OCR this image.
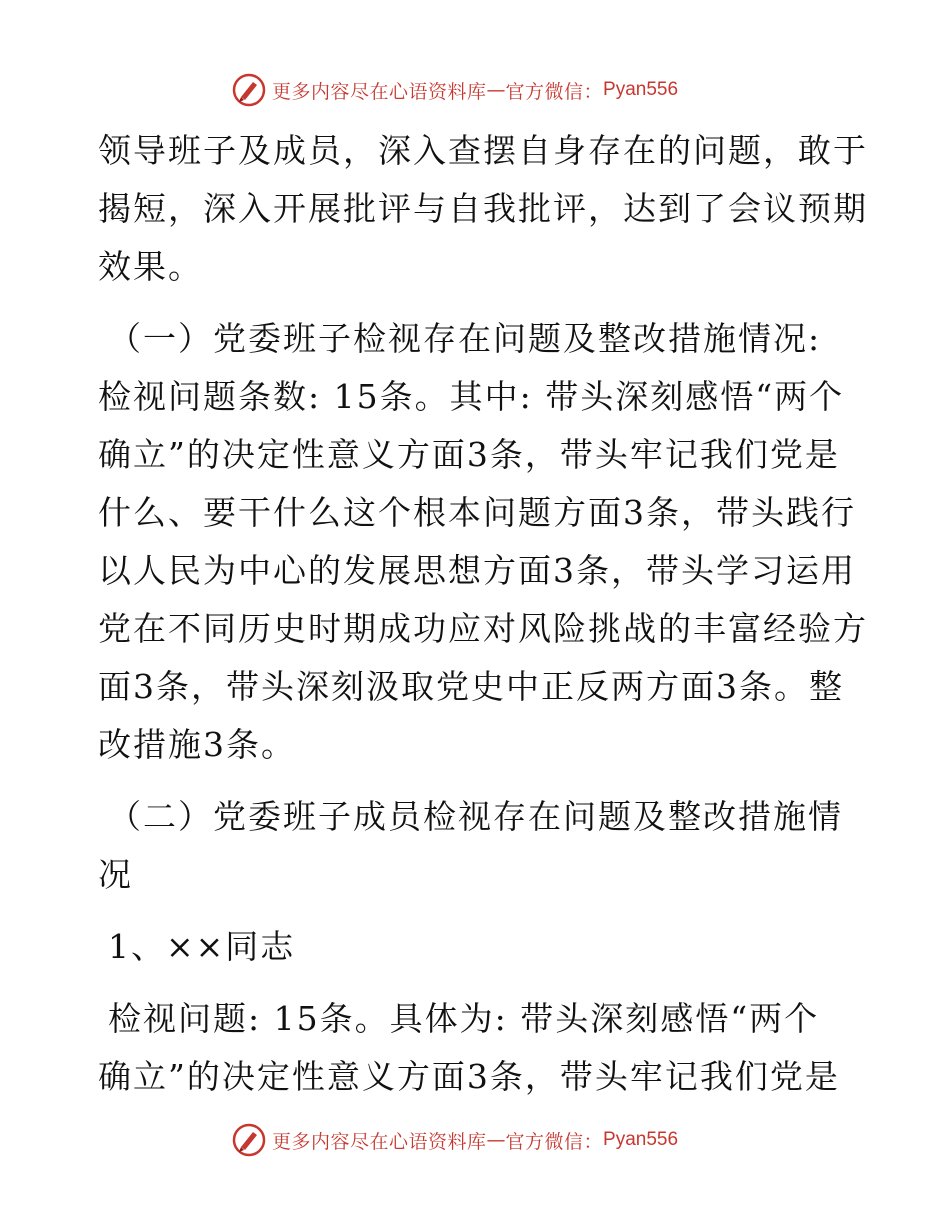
更多内容尽在心语资料库 — 官方微信： Pyan556
领导班子及成员，深入查摆自身存在的问题，敢于
揭短，深入开展批评与自我批评，达到了会议预期
效果。
（一）党委班子检视存在问题及整改措施情况:
检视问题条数: 15条。其中: 带头深刻感悟“两个
确立”的决定性意义方面3条，带头牢记我们党是
什么、要干什么这个根本问题方面3条，带头践行
以人民为中心的发展思想方面3条，带头学习运用
党在不同历史时期成功应对风险挑战的丰富经验方
面3条，带头深刻汲取党史中正反两方面3条。整
改措施3条。
（二）党委班子成员检视存在问题及整改措施情
况
1、××同志
检视问题: 15条。具体为: 带头深刻感悟“两个
确立”的决定性意义方面3条，带头牢记我们党是
更多内容尽在心语资料库 — 官方微信： Pyan556
